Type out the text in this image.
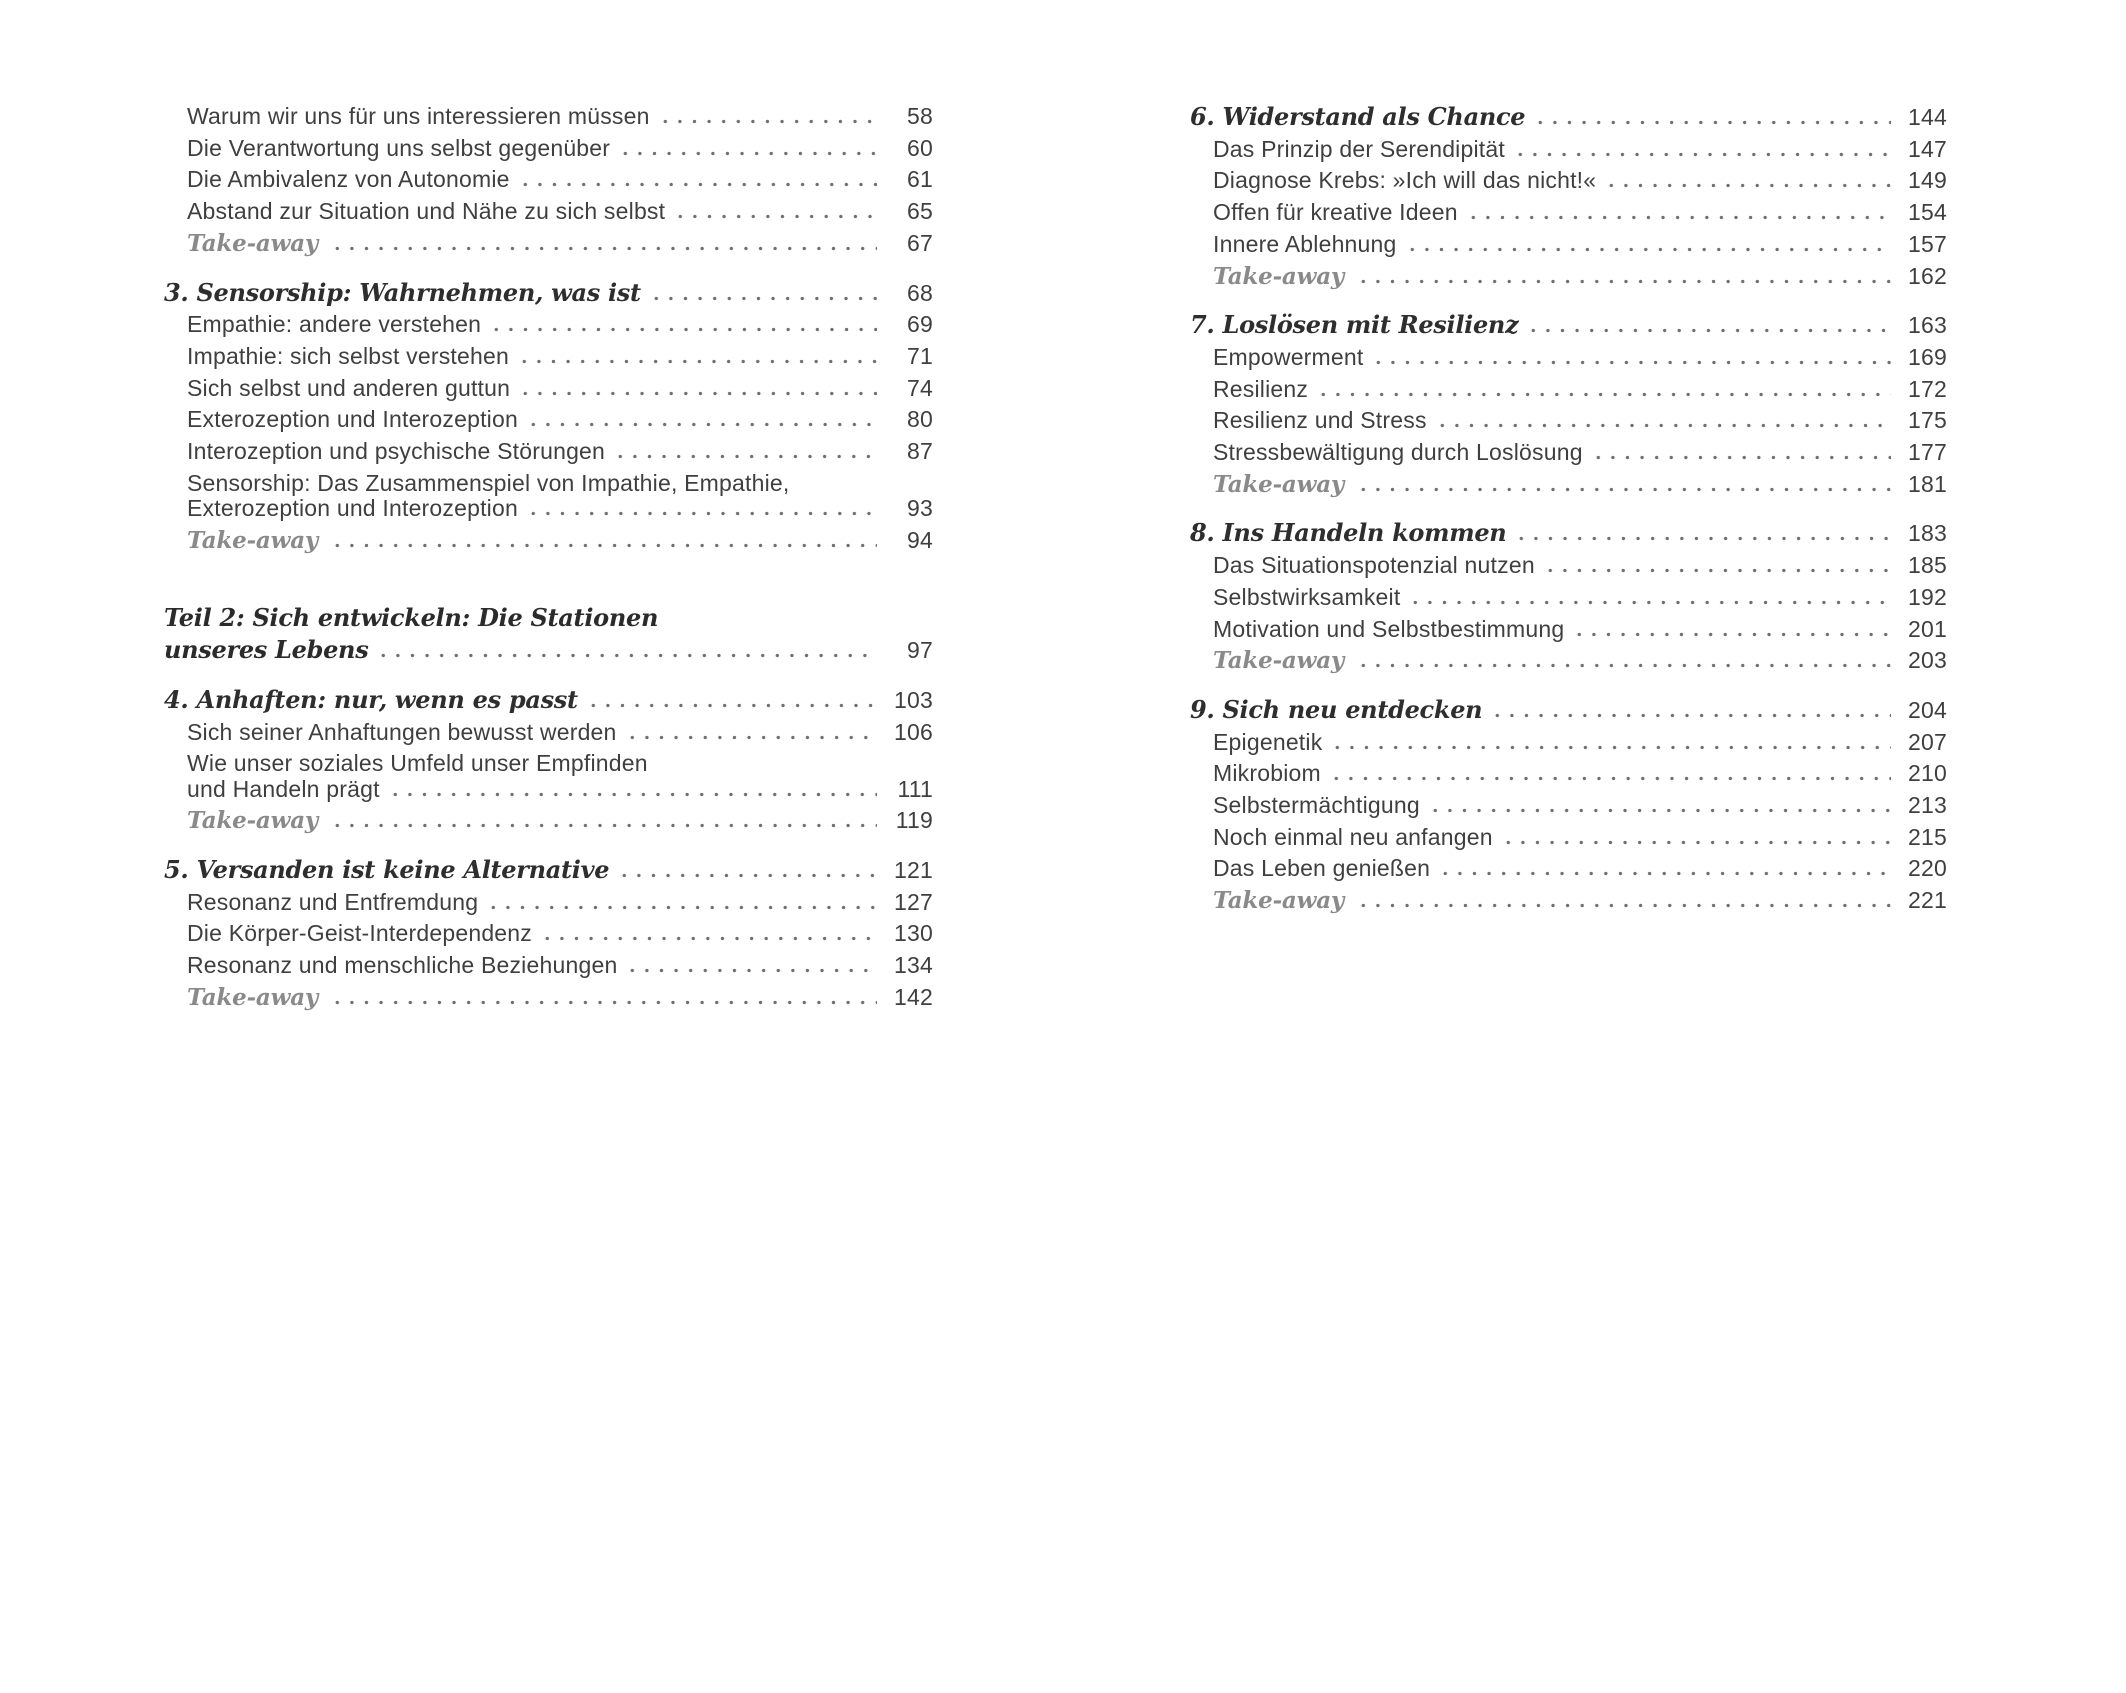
Warum wir uns für uns interessieren müssen	58
Die Verantwortung uns selbst gegenüber	60
Die Ambivalenz von Autonomie	61
Abstand zur Situation und Nähe zu sich selbst	65
Take-away	67
3. Sensorship: Wahrnehmen, was ist	68
Empathie: andere verstehen	69
Impathie: sich selbst verstehen	71
Sich selbst und anderen guttun	74
Exterozeption und Interozeption	80
Interozeption und psychische Störungen	87
Sensorship: Das Zusammenspiel von Impathie, Empathie,
Exterozeption und Interozeption	93
Take-away	94
Teil 2: Sich entwickeln: Die Stationen
unseres Lebens	97
4. Anhaften: nur, wenn es passt	103
Sich seiner Anhaftungen bewusst werden	106
Wie unser soziales Umfeld unser Empfinden
und Handeln prägt	111
Take-away	119
5. Versanden ist keine Alternative	121
Resonanz und Entfremdung	127
Die Körper-Geist-Interdependenz	130
Resonanz und menschliche Beziehungen	134
Take-away	142
6. Widerstand als Chance	144
Das Prinzip der Serendipität	147
Diagnose Krebs: »Ich will das nicht!«	149
Offen für kreative Ideen	154
Innere Ablehnung	157
Take-away	162
7. Loslösen mit Resilienz	163
Empowerment	169
Resilienz	172
Resilienz und Stress	175
Stressbewältigung durch Loslösung	177
Take-away	181
8. Ins Handeln kommen	183
Das Situationspotenzial nutzen	185
Selbstwirksamkeit	192
Motivation und Selbstbestimmung	201
Take-away	203
9. Sich neu entdecken	204
Epigenetik	207
Mikrobiom	210
Selbstermächtigung	213
Noch einmal neu anfangen	215
Das Leben genießen	220
Take-away	221
